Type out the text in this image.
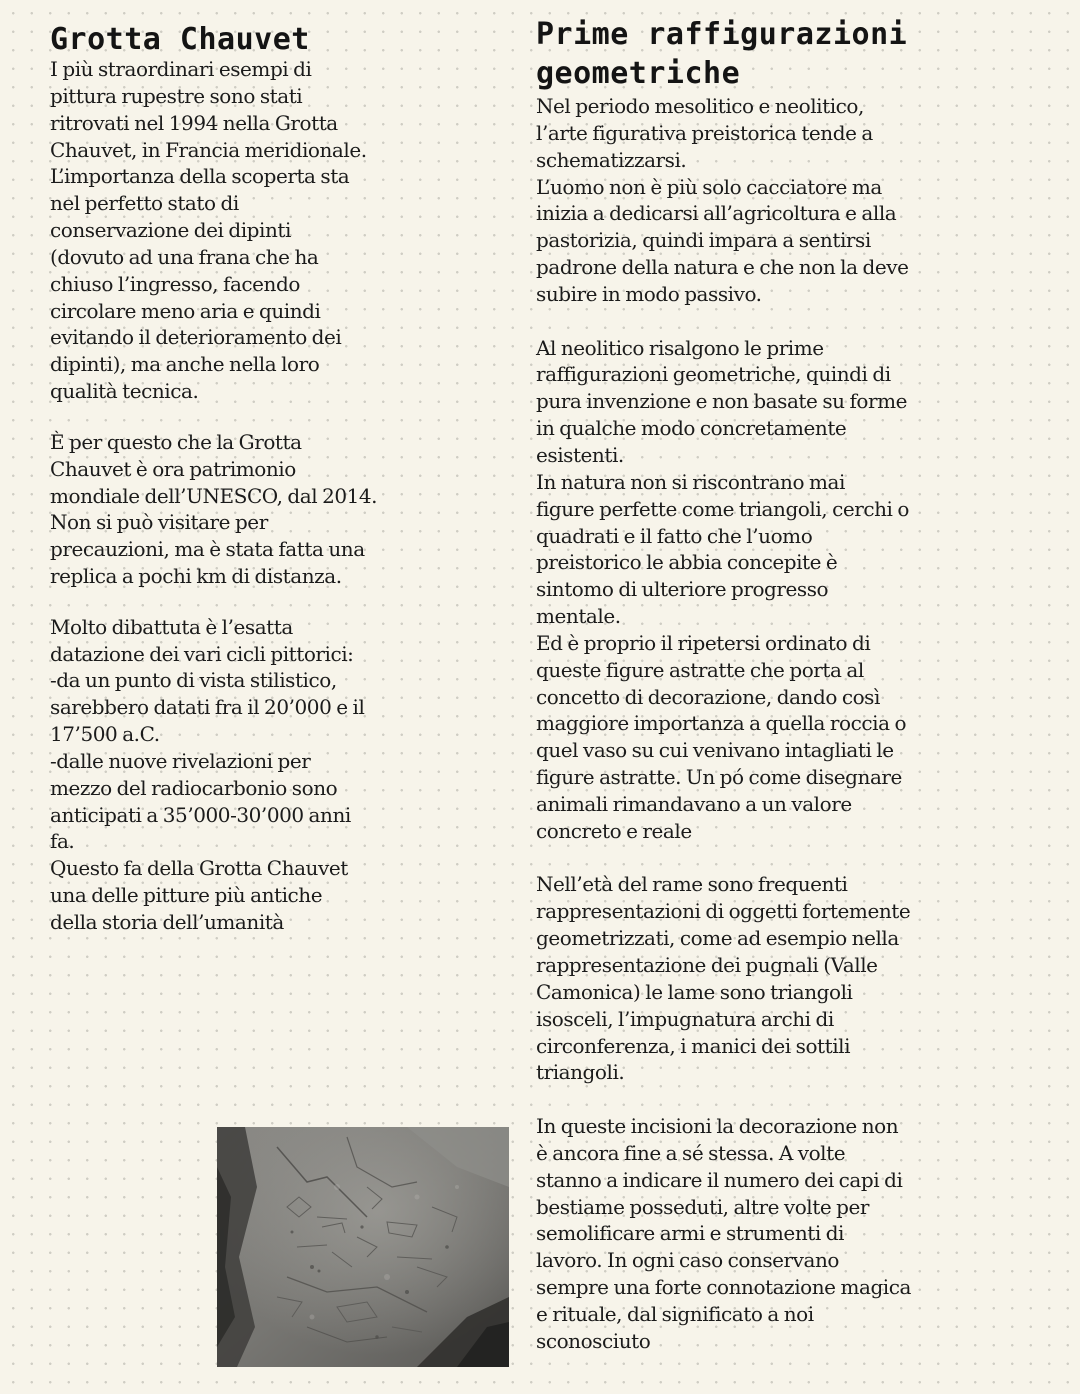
Grotta Chauvet

I più straordinari esempi di
pittura rupestre sono stati
ritrovati nel 1994 nella Grotta
Chauvet, in Francia meridionale.
L’importanza della scoperta sta
nel perfetto stato di
conservazione dei dipinti
(dovuto ad una frana che ha
chiuso l’ingresso, facendo
circolare meno aria e quindi
evitando il deterioramento dei
dipinti), ma anche nella loro
qualità tecnica.

È per questo che la Grotta
Chauvet è ora patrimonio
mondiale dell’UNESCO, dal 2014.
Non si può visitare per
precauzioni, ma è stata fatta una
replica a pochi km di distanza.

Molto dibattuta è l’esatta
datazione dei vari cicli pittorici:
-da un punto di vista stilistico,
sarebbero datati fra il 20’000 e il
17’500 a.C.
-dalle nuove rivelazioni per
mezzo del radiocarbonio sono
anticipati a 35’000-30’000 anni
fa.
Questo fa della Grotta Chauvet
una delle pitture più antiche
della storia dell’umanità

Prime raffigurazioni
geometriche

Nel periodo mesolitico e neolitico,
l’arte figurativa preistorica tende a
schematizzarsi.
L’uomo non è più solo cacciatore ma
inizia a dedicarsi all’agricoltura e alla
pastorizia, quindi impara a sentirsi
padrone della natura e che non la deve
subire in modo passivo.

Al neolitico risalgono le prime
raffigurazioni geometriche, quindi di
pura invenzione e non basate su forme
in qualche modo concretamente
esistenti.
In natura non si riscontrano mai
figure perfette come triangoli, cerchi o
quadrati e il fatto che l’uomo
preistorico le abbia concepite è
sintomo di ulteriore progresso
mentale.
Ed è proprio il ripetersi ordinato di
queste figure astratte che porta al
concetto di decorazione, dando così
maggiore importanza a quella roccia o
quel vaso su cui venivano intagliati le
figure astratte. Un pó come disegnare
animali rimandavano a un valore
concreto e reale

Nell’età del rame sono frequenti
rappresentazioni di oggetti fortemente
geometrizzati, come ad esempio nella
rappresentazione dei pugnali (Valle
Camonica) le lame sono triangoli
isosceli, l’impugnatura archi di
circonferenza, i manici dei sottili
triangoli.

In queste incisioni la decorazione non
è ancora fine a sé stessa. A volte
stanno a indicare il numero dei capi di
bestiame posseduti, altre volte per
semolificare armi e strumenti di
lavoro. In ogni caso conservano
sempre una forte connotazione magica
e rituale, dal significato a noi
sconosciuto
